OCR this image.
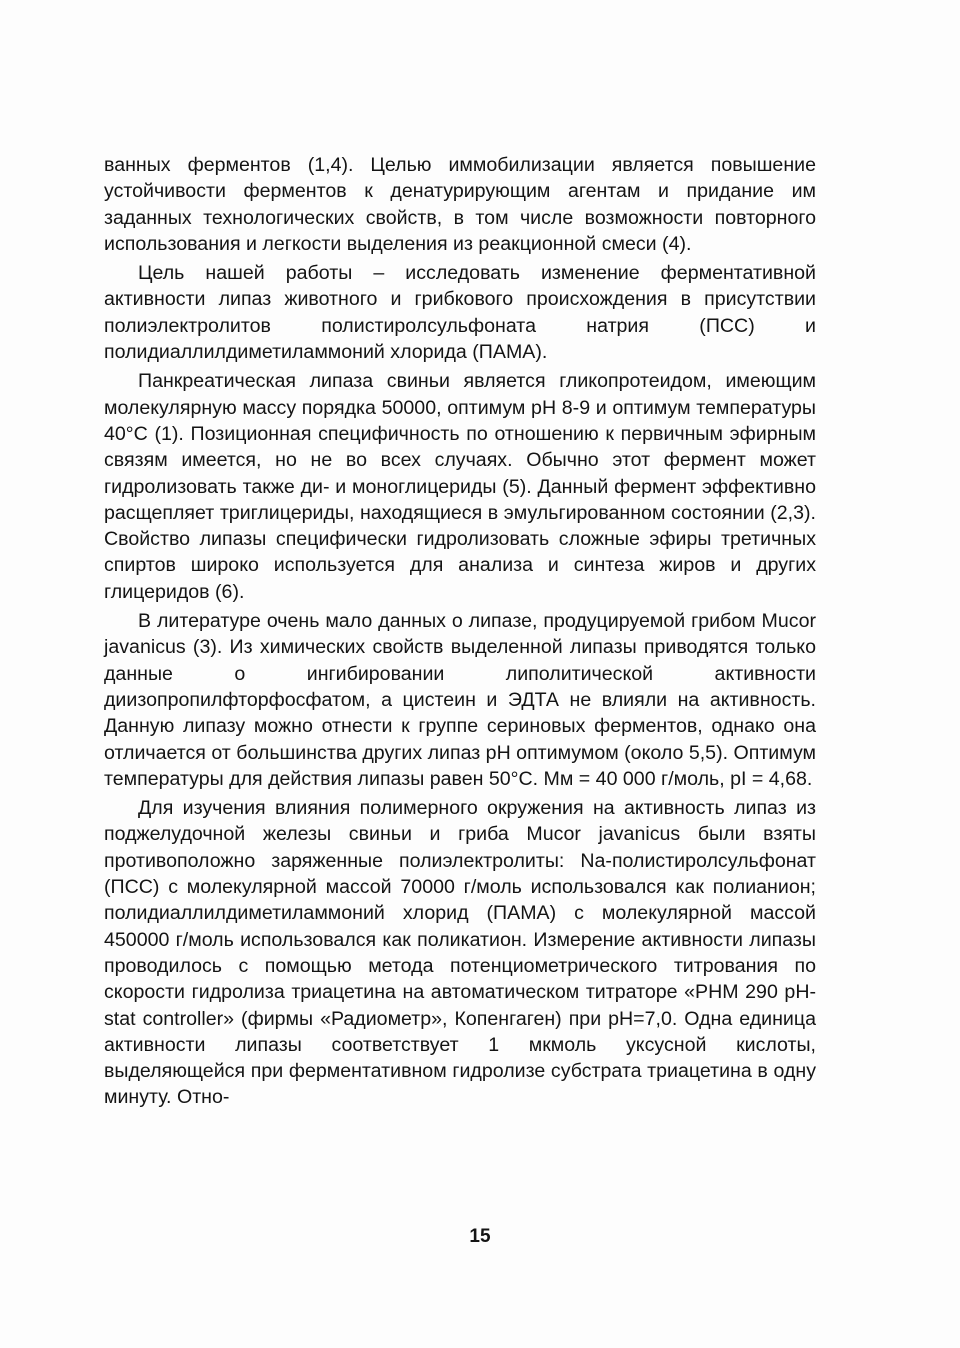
ванных ферментов (1,4). Целью иммобилизации является повышение устойчивости ферментов к денатурирующим агентам и придание им заданных технологических свойств, в том числе возможности повторного использования и легкости выделения из реакционной смеси (4).

Цель нашей работы – исследовать изменение ферментативной активности липаз животного и грибкового происхождения в присутствии полиэлектролитов полистиролсульфоната натрия (ПСС) и полидиаллилдиметиламмоний хлорида (ПАМА).

Панкреатическая липаза свиньи является гликопротеидом, имеющим молекулярную массу порядка 50000, оптимум рН 8-9 и оптимум температуры 40°С (1). Позиционная специфичность по отношению к первичным эфирным связям имеется, но не во всех случаях. Обычно этот фермент может гидролизовать также ди- и моноглицериды (5). Данный фермент эффективно расщепляет триглицериды, находящиеся в эмульгированном состоянии (2,3). Свойство липазы специфически гидролизовать сложные эфиры третичных спиртов широко используется для анализа и синтеза жиров и других глицеридов (6).

В литературе очень мало данных о липазе, продуцируемой грибом Mucor javanicus (3). Из химических свойств выделенной липазы приводятся только данные о ингибировании липолитической активности диизопропилфторфосфатом, а цистеин и ЭДТА не влияли на активность. Данную липазу можно отнести к группе сериновых ферментов, однако она отличается от большинства других липаз рН оптимумом (около 5,5). Оптимум температуры для действия липазы равен 50°С. Mм = 40 000 г/моль, pI = 4,68.

Для изучения влияния полимерного окружения на активность липаз из поджелудочной железы свиньи и гриба Mucor javanicus были взяты противоположно заряженные полиэлектролиты: Na-полистиролсульфонат (ПСС) с молекулярной массой 70000 г/моль использовался как полианион; полидиаллилдиметиламмоний хлорид (ПАМА) с молекулярной массой 450000 г/моль использовался как поликатион. Измерение активности липазы проводилось с помощью метода потенциометрического титрования по скорости гидролиза триацетина на автоматическом титраторе «PHM 290 pH-stat controller» (фирмы «Радиометр», Копенгаген) при рН=7,0. Одна единица активности липазы соответствует 1 мкмоль уксусной кислоты, выделяющейся при ферментативном гидролизе субстрата триацетина в одну минуту. Отно-

15
